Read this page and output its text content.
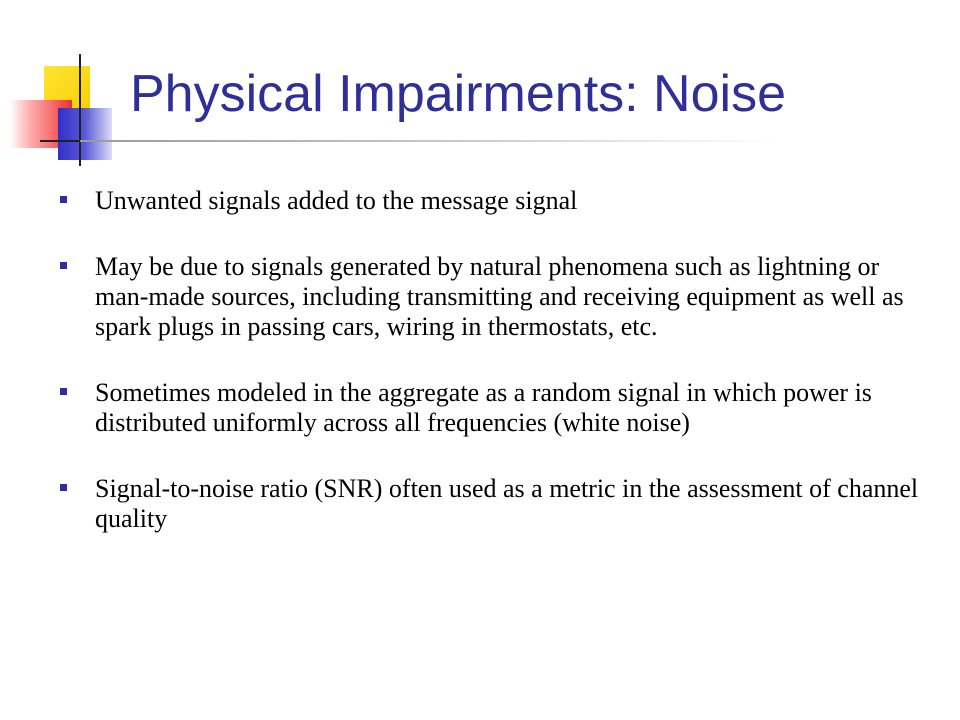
Physical Impairments: Noise
Unwanted signals added to the message signal
May be due to signals generated by natural phenomena such as lightning or man-made sources, including transmitting and receiving equipment as well as spark plugs in passing cars, wiring in thermostats, etc.
Sometimes modeled in the aggregate as a random signal in which power is distributed uniformly across all frequencies (white noise)
Signal-to-noise ratio (SNR) often used as a metric in the assessment of channel quality
